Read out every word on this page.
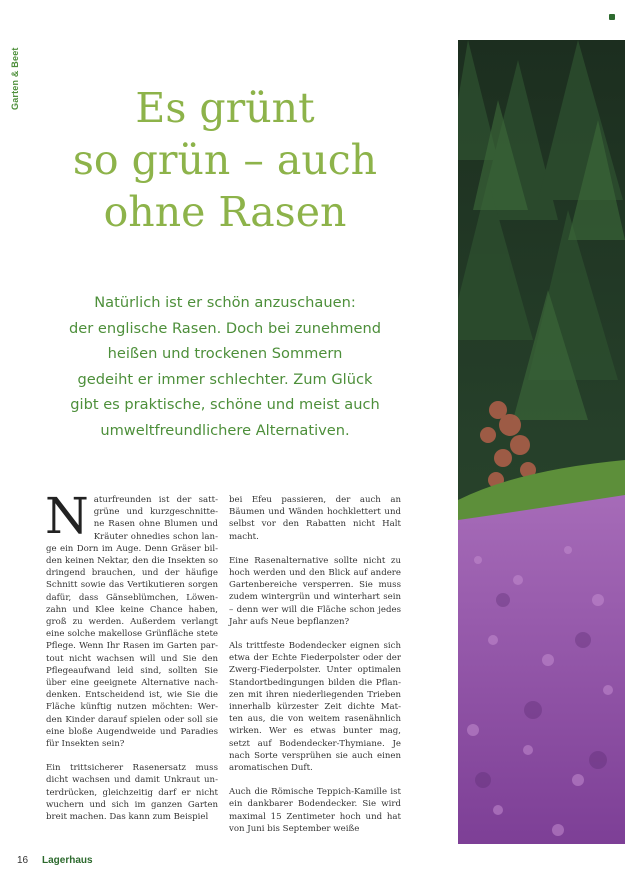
Garten & Beet	Es grünt
so grün – auch
ohne Rasen
Natürlich ist er schön anzuschauen:
der englische Rasen. Doch bei zunehmend
heißen und trockenen Sommern
gedeiht er immer schlechter. Zum Glück
gibt es praktische, schöne und meist auch
umweltfreundlichere Alternativen.

Naturfreunden ist der satt-grüne und kurzgeschnitte-ne Rasen ohne Blumen und Kräuter ohnedies schon lan-ge ein Dorn im Auge. Denn Gräser bil-den keinen Nektar, den die Insekten so dringend brauchen, und der häufige Schnitt sowie das Vertikutieren sorgen dafür, dass Gänseblümchen, Löwen-zahn und Klee keine Chance haben, groß zu werden. Außerdem verlangt eine solche makellose Grünfläche stete Pflege. Wenn Ihr Rasen im Garten par-tout nicht wachsen will und Sie den Pflegeaufwand leid sind, sollten Sie über eine geeignete Alternative nach-denken. Entscheidend ist, wie Sie die Fläche künftig nutzen möchten: Wer-den Kinder darauf spielen oder soll sie eine bloße Augendweide und Paradies für Insekten sein?

Ein trittsicherer Rasenersatz muss dicht wachsen und damit Unkraut un-terdrücken, gleichzeitig darf er nicht wuchern und sich im ganzen Garten breit machen. Das kann zum Beispiel

bei Efeu passieren, der auch an Bäumen und Wänden hochklettert und selbst vor den Rabatten nicht Halt macht.

Eine Rasenalternative sollte nicht zu hoch werden und den Blick auf andere Gartenbereiche versperren. Sie muss zudem wintergrün und winterhart sein – denn wer will die Fläche schon jedes Jahr aufs Neue bepflanzen?

Als trittfeste Bodendecker eignen sich etwa der Echte Fiederpolster oder der Zwerg-Fiederpolster. Unter optimalen Standortbedingungen bilden die Pflan-zen mit ihren niederliegenden Trieben innerhalb kürzester Zeit dichte Mat-ten aus, die von weitem rasenähnlich wirken. Wer es etwas bunter mag, setzt auf Bodendecker-Thymiane. Je nach Sorte versprühen sie auch einen aromatischen Duft.

Auch die Römische Teppich-Kamille ist ein dankbarer Bodendecker. Sie wird maximal 15 Zentimeter hoch und hat von Juni bis September weiße

16 Lagerhaus
